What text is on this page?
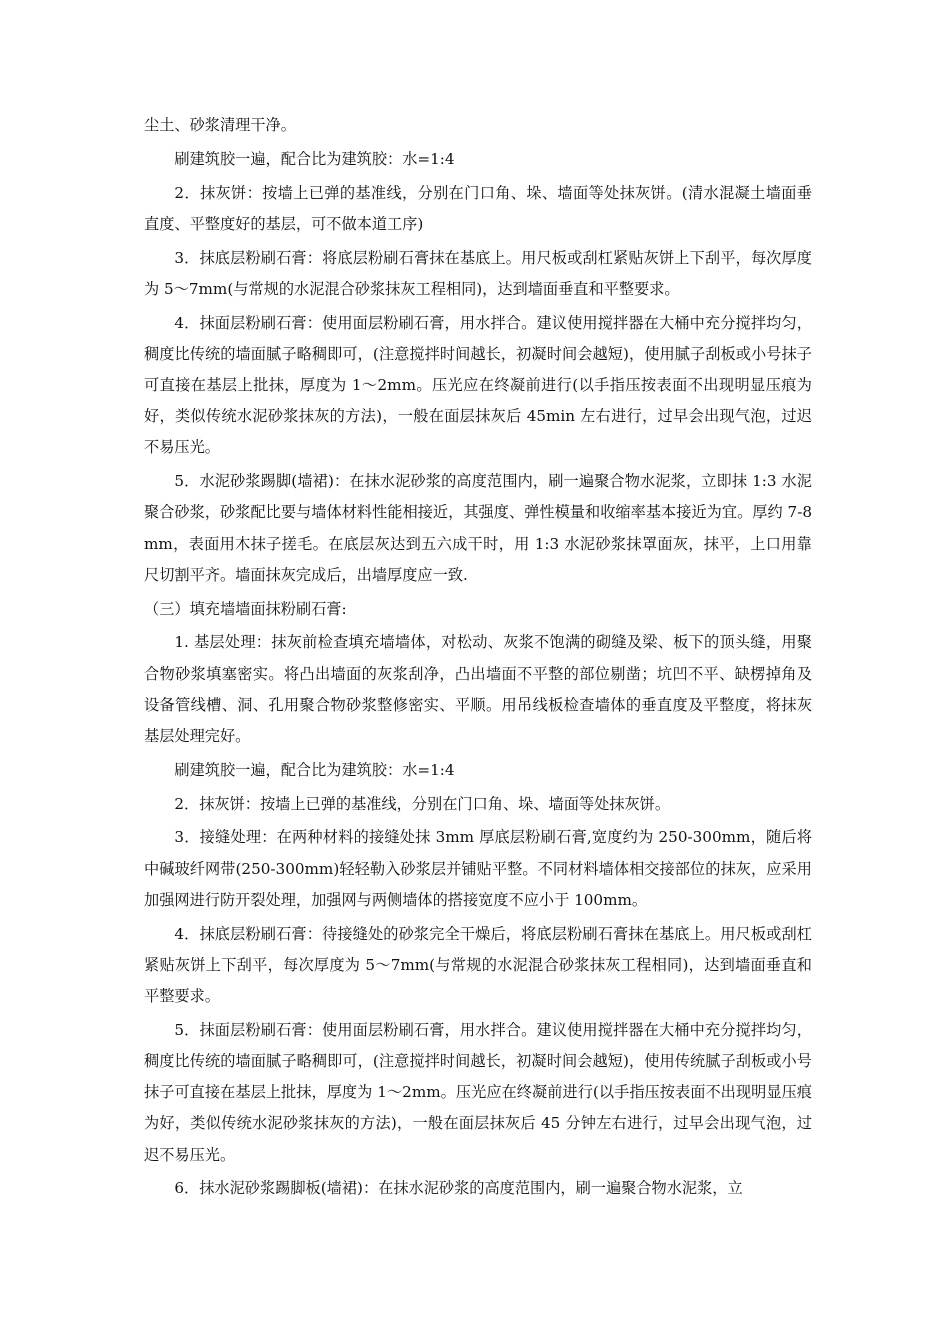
尘土、砂浆清理干净。

刷建筑胶一遍，配合比为建筑胶：水=1:4

2．抹灰饼：按墙上已弹的基准线，分别在门口角、垛、墙面等处抹灰饼。(清水混凝土墙面垂直度、平整度好的基层，可不做本道工序)

3．抹底层粉刷石膏：将底层粉刷石膏抹在基底上。用尺板或刮杠紧贴灰饼上下刮平，每次厚度为 5～7mm(与常规的水泥混合砂浆抹灰工程相同)，达到墙面垂直和平整要求。

4．抹面层粉刷石膏：使用面层粉刷石膏，用水拌合。建议使用搅拌器在大桶中充分搅拌均匀，稠度比传统的墙面腻子略稠即可，(注意搅拌时间越长，初凝时间会越短)，使用腻子刮板或小号抹子可直接在基层上批抹，厚度为 1～2mm。压光应在终凝前进行(以手指压按表面不出现明显压痕为好，类似传统水泥砂浆抹灰的方法)，一般在面层抹灰后 45min 左右进行，过早会出现气泡，过迟不易压光。

5．水泥砂浆踢脚(墙裙)：在抹水泥砂浆的高度范围内，刷一遍聚合物水泥浆，立即抹 1:3 水泥聚合砂浆，砂浆配比要与墙体材料性能相接近，其强度、弹性模量和收缩率基本接近为宜。厚约 7-8mm，表面用木抹子搓毛。在底层灰达到五六成干时，用 1:3 水泥砂浆抹罩面灰，抹平，上口用靠尺切割平齐。墙面抹灰完成后，出墙厚度应一致.

（三）填充墙墙面抹粉刷石膏:

1. 基层处理：抹灰前检查填充墙墙体，对松动、灰浆不饱满的砌缝及梁、板下的顶头缝，用聚合物砂浆填塞密实。将凸出墙面的灰浆刮净，凸出墙面不平整的部位剔凿；坑凹不平、缺楞掉角及设备管线槽、洞、孔用聚合物砂浆整修密实、平顺。用吊线板检查墙体的垂直度及平整度，将抹灰基层处理完好。

刷建筑胶一遍，配合比为建筑胶：水=1:4

2．抹灰饼：按墙上已弹的基准线，分别在门口角、垛、墙面等处抹灰饼。

3．接缝处理：在两种材料的接缝处抹 3mm 厚底层粉刷石膏,宽度约为 250-300mm，随后将中碱玻纤网带(250-300mm)轻轻勒入砂浆层并铺贴平整。不同材料墙体相交接部位的抹灰，应采用加强网进行防开裂处理，加强网与两侧墙体的搭接宽度不应小于 100mm。

4．抹底层粉刷石膏：待接缝处的砂浆完全干燥后，将底层粉刷石膏抹在基底上。用尺板或刮杠紧贴灰饼上下刮平，每次厚度为 5～7mm(与常规的水泥混合砂浆抹灰工程相同)，达到墙面垂直和平整要求。

5．抹面层粉刷石膏：使用面层粉刷石膏，用水拌合。建议使用搅拌器在大桶中充分搅拌均匀，稠度比传统的墙面腻子略稠即可，(注意搅拌时间越长，初凝时间会越短)，使用传统腻子刮板或小号抹子可直接在基层上批抹，厚度为 1～2mm。压光应在终凝前进行(以手指压按表面不出现明显压痕为好，类似传统水泥砂浆抹灰的方法)，一般在面层抹灰后 45 分钟左右进行，过早会出现气泡，过迟不易压光。

6．抹水泥砂浆踢脚板(墙裙)：在抹水泥砂浆的高度范围内，刷一遍聚合物水泥浆，立
